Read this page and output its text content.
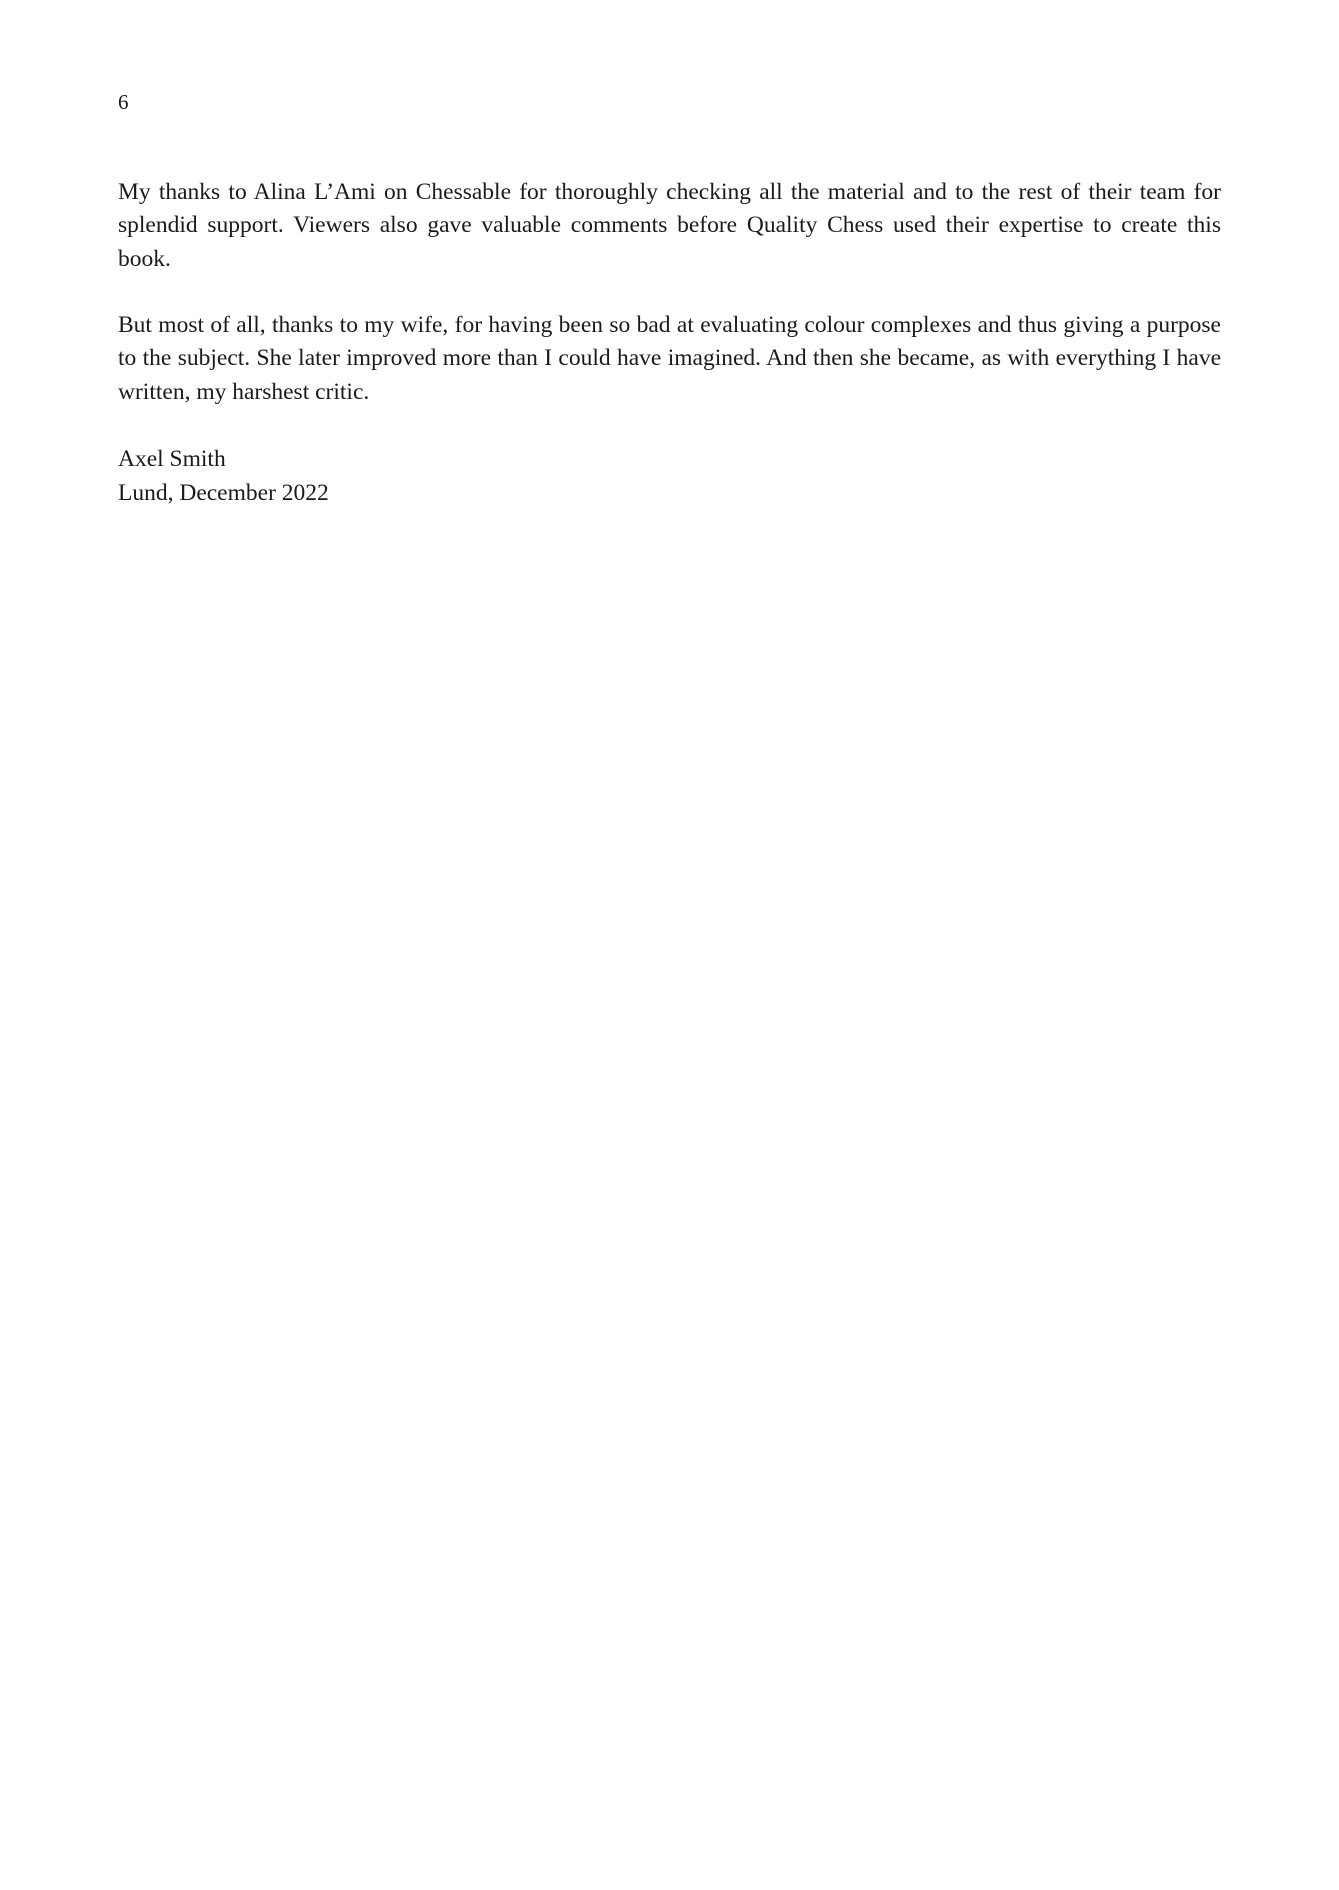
6

My thanks to Alina L’Ami on Chessable for thoroughly checking all the material and to the rest of their team for splendid support. Viewers also gave valuable comments before Quality Chess used their expertise to create this book.

But most of all, thanks to my wife, for having been so bad at evaluating colour complexes and thus giving a purpose to the subject. She later improved more than I could have imagined. And then she became, as with everything I have written, my harshest critic.

Axel Smith
Lund, December 2022
